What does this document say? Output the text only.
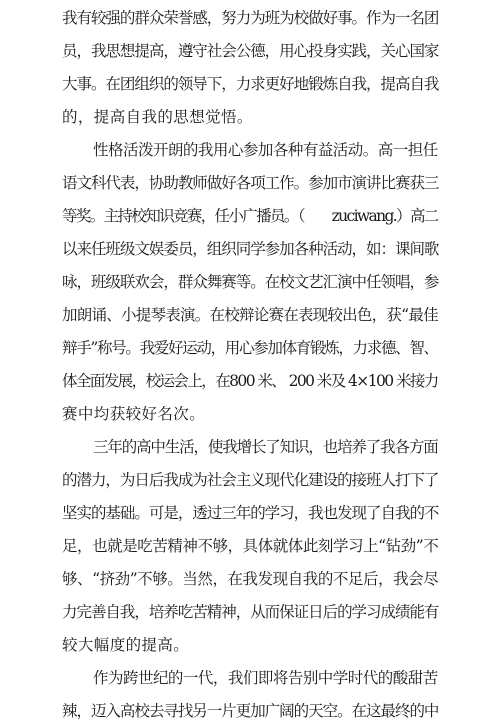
我有较强的群众荣誉感，努力为班为校做好事。作为一名团
员，我思想提高，遵守社会公德，用心投身实践，关心国家
大事。在团组织的领导下，力求更好地锻炼自我，提高自我
的，提高自我的思想觉悟。
性格活泼开朗的我用心参加各种有益活动。高一担任
语文科代表，协助教师做好各项工作。参加市演讲比赛获三
等奖。主持校知识竞赛，任小广播员。（　　zuciwang.）高二
以来任班级文娱委员，组织同学参加各种活动，如：课间歌
咏，班级联欢会，群众舞赛等。在校文艺汇演中任领唱，参
加朗诵、小提琴表演。在校辩论赛在表现较出色，获“最佳
辩手”称号。我爱好运动，用心参加体育锻炼，力求德、智、
体全面发展，校运会上，在800 米、 200 米及 4×100 米接力
赛中均获较好名次。
三年的高中生活，使我增长了知识，也培养了我各方面
的潜力，为日后我成为社会主义现代化建设的接班人打下了
坚实的基础。可是，透过三年的学习，我也发现了自我的不
足，也就是吃苦精神不够，具体就体此刻学习上“钻劲”不
够、“挤劲”不够。当然，在我发现自我的不足后，我会尽
力完善自我，培养吃苦精神，从而保证日后的学习成绩能有
较大幅度的提高。
作为跨世纪的一代，我们即将告别中学时代的酸甜苦
辣，迈入高校去寻找另一片更加广阔的天空。在这最终的中
